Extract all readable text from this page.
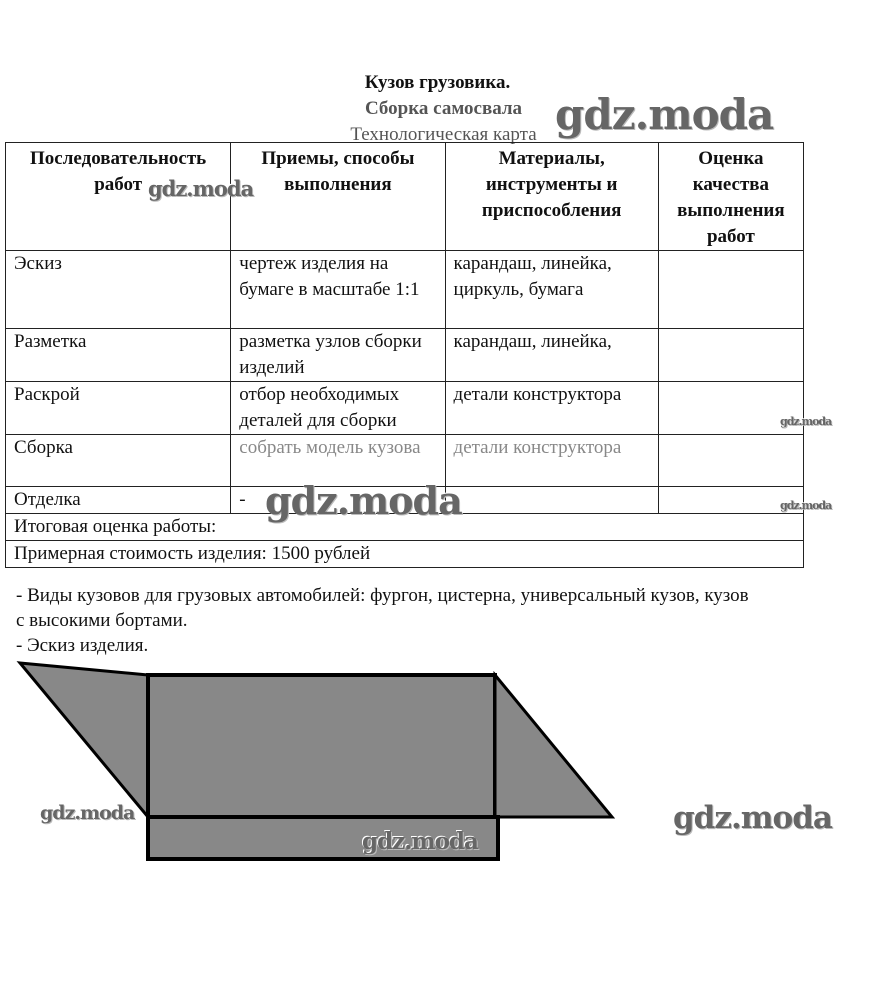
Кузов грузовика.
Сборка самосвала
Технологическая карта
Последовательность работ	Приемы, способы выполнения	Материалы, инструменты и приспособления	Оценка качества выполнения работ
Эскиз	чертеж изделия на бумаге в масштабе 1:1	карандаш, линейка, циркуль, бумага	
Разметка	разметка узлов сборки изделий	карандаш, линейка,	
Раскрой	отбор необходимых деталей для сборки	детали конструктора	
Сборка	собрать модель кузова	детали конструктора	
Отделка	-		
Итоговая оценка работы:			
Примерная стоимость изделия: 1500 рублей			
- Виды кузовов для грузовых автомобилей: фургон, цистерна, универсальный кузов, кузов
с высокими бортами.
- Эскиз изделия.
gdz.moda
gdz.moda
gdz.moda
gdz.moda	gdz.moda
gdz.moda	gdz.moda
gdz.moda
